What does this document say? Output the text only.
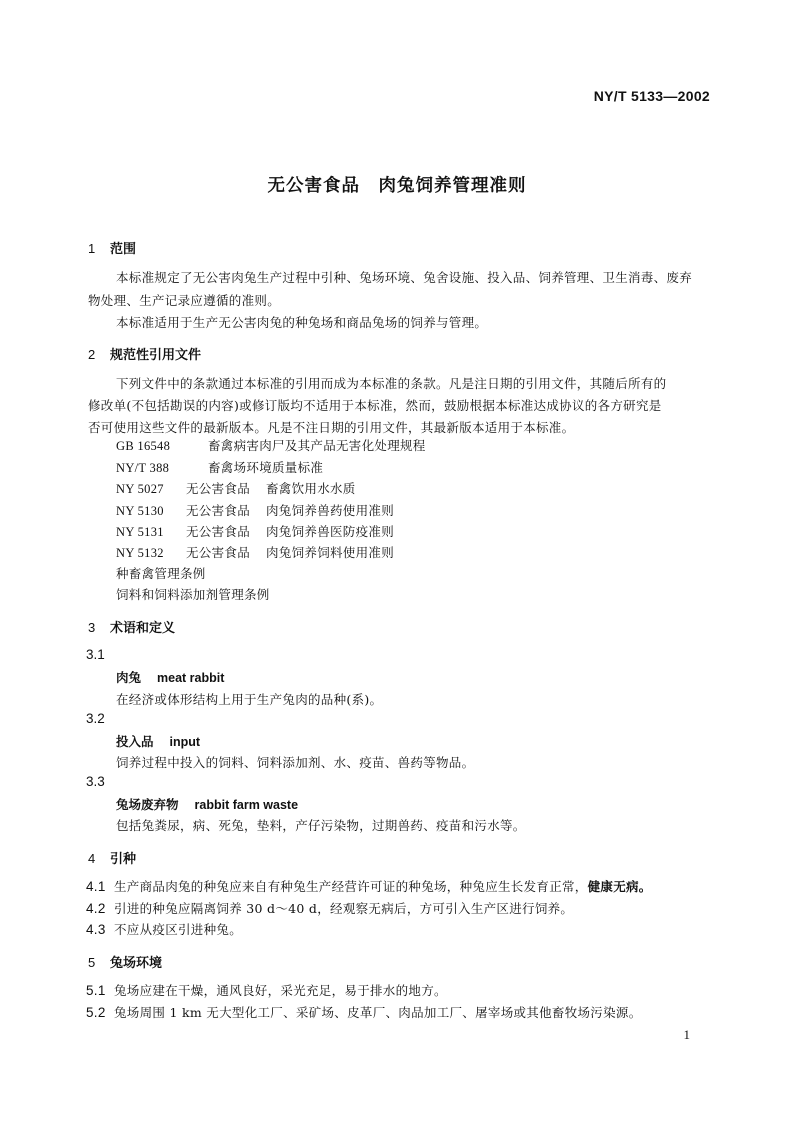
NY/T 5133—2002
无公害食品　肉兔饲养管理准则
1 范围
本标准规定了无公害肉兔生产过程中引种、兔场环境、兔舍设施、投入品、饲养管理、卫生消毒、废弃
物处理、生产记录应遵循的准则。
本标准适用于生产无公害肉兔的种兔场和商品兔场的饲养与管理。
2 规范性引用文件
下列文件中的条款通过本标准的引用而成为本标准的条款。凡是注日期的引用文件，其随后所有的
修改单(不包括勘误的内容)或修订版均不适用于本标准，然而，鼓励根据本标准达成协议的各方研究是
否可使用这些文件的最新版本。凡是不注日期的引用文件，其最新版本适用于本标准。
GB 16548	畜禽病害肉尸及其产品无害化处理规程
NY/T 388	畜禽场环境质量标准
NY 5027 无公害食品 畜禽饮用水水质
NY 5130 无公害食品 肉兔饲养兽药使用准则
NY 5131 无公害食品 肉兔饲养兽医防疫准则
NY 5132 无公害食品 肉兔饲养饲料使用准则
种畜禽管理条例
饲料和饲料添加剂管理条例
3 术语和定义
3.1
肉兔 meat rabbit
在经济或体形结构上用于生产兔肉的品种(系)。
3.2
投入品 input
饲养过程中投入的饲料、饲料添加剂、水、疫苗、兽药等物品。
3.3
兔场废弃物 rabbit farm waste
包括兔粪尿，病、死兔，垫料，产仔污染物，过期兽药、疫苗和污水等。
4 引种
4.1 生产商品肉兔的种兔应来自有种兔生产经营许可证的种兔场，种兔应生长发育正常，健康无病。
4.2 引进的种兔应隔离饲养 30 d～40 d，经观察无病后，方可引入生产区进行饲养。
4.3 不应从疫区引进种兔。
5 兔场环境
5.1 兔场应建在干燥，通风良好，采光充足，易于排水的地方。
5.2 兔场周围 1 km 无大型化工厂、采矿场、皮革厂、肉品加工厂、屠宰场或其他畜牧场污染源。
1
